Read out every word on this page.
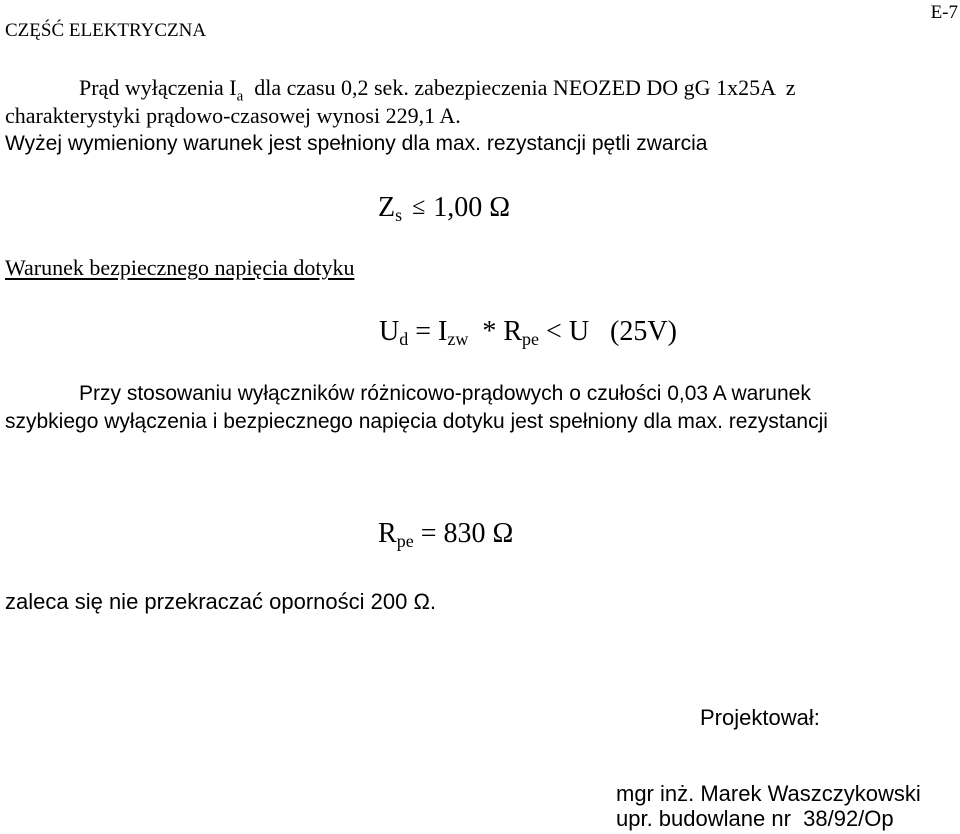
CZĘŚĆ ELEKTRYCZNA
E-7
Prąd wyłączenia $I_a$  dla czasu 0,2 sek. zabezpieczenia NEOZED DO gG 1x25A  z
charakterystyki prądowo-czasowej wynosi 229,1 A.
Wyżej wymieniony warunek jest spełniony dla max. rezystancji pętli zwarcia
$Z_s \le 1,00$ Ω
Warunek bezpiecznego napięcia dotyku
$U_d = I_{zw} * R_{pe} < U$   (25V)
Przy stosowaniu wyłączników różnicowo-prądowych o czułości 0,03 A warunek
szybkiego wyłączenia i bezpiecznego napięcia dotyku jest spełniony dla max. rezystancji
$R_{pe} = 830$ Ω
zaleca się nie przekraczać oporności 200 Ω.
Projektował:
mgr inż. Marek Waszczykowski
upr. budowlane nr  38/92/Op
